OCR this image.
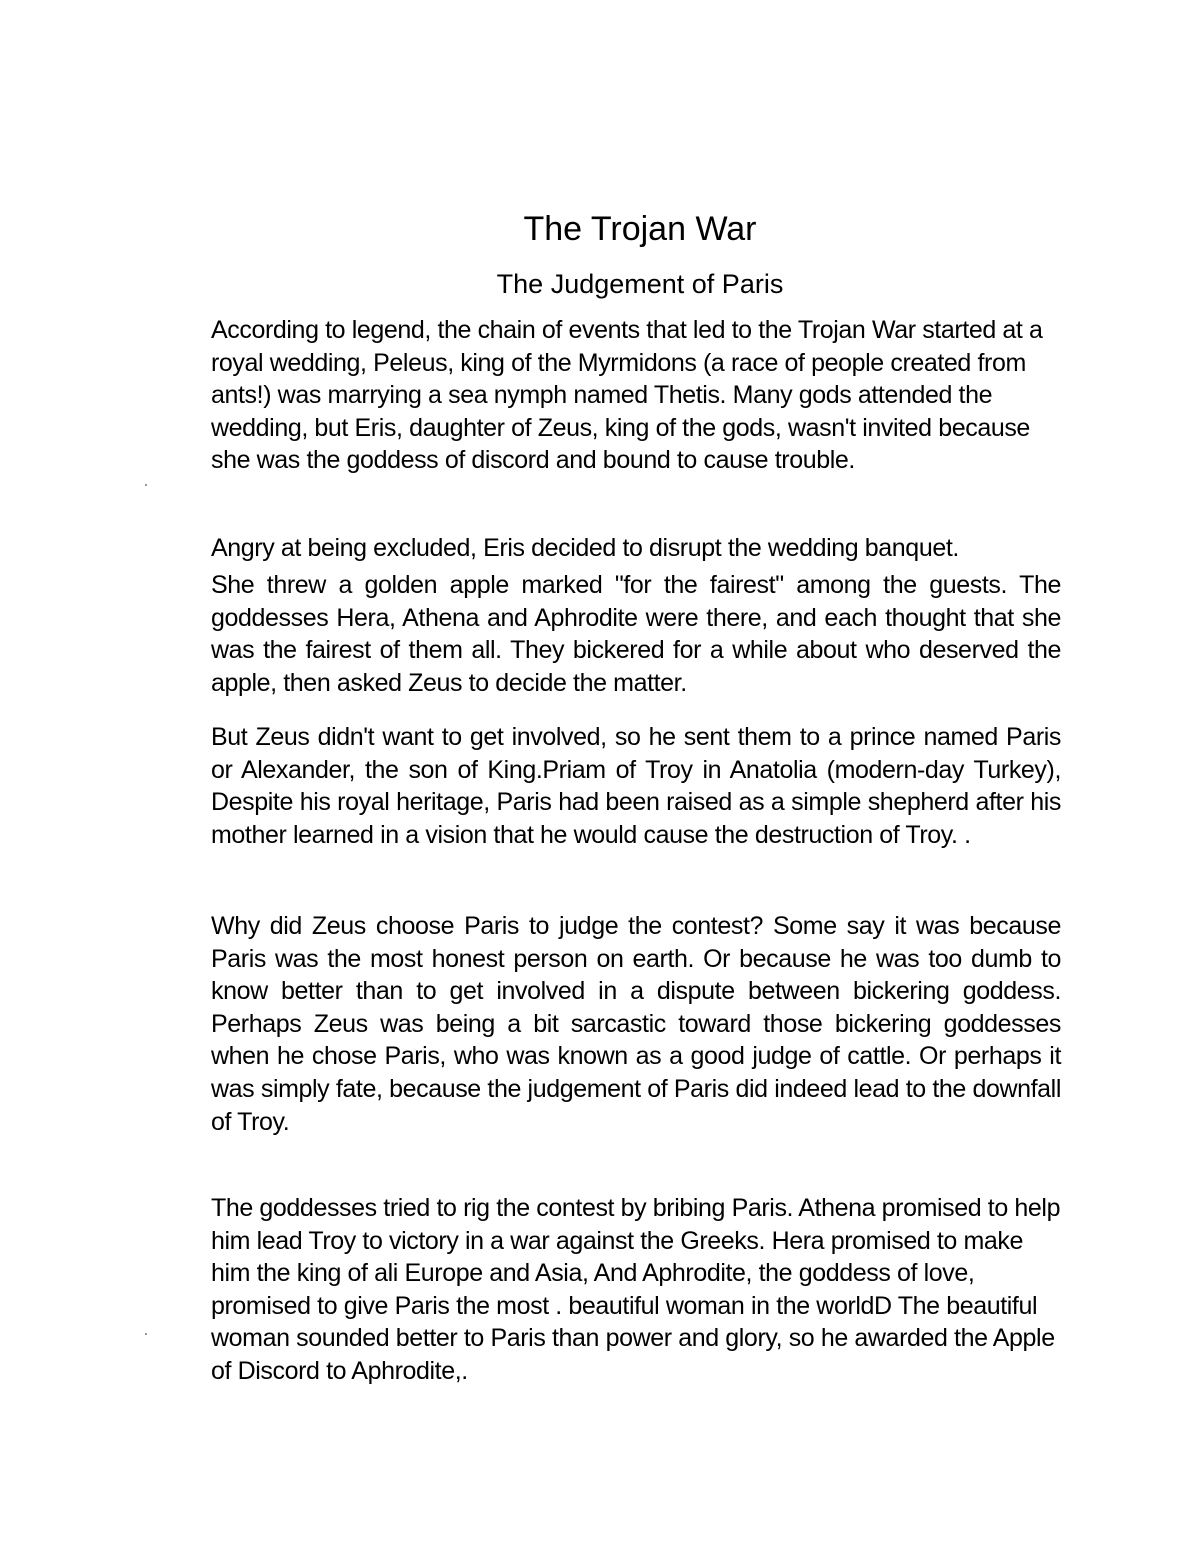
The Trojan War
The Judgement of Paris

According to legend, the chain of events that led to the Trojan War started at a royal wedding, Peleus, king of the Myrmidons (a race of people created from ants!) was marrying a sea nymph named Thetis. Many gods attended the wedding, but Eris, daughter of Zeus, king of the gods, wasn't invited because she was the goddess of discord and bound to cause trouble.

Angry at being excluded, Eris decided to disrupt the wedding banquet.

She threw a golden apple marked "for the fairest" among the guests. The goddesses Hera, Athena and Aphrodite were there, and each thought that she was the fairest of them all. They bickered for a while about who deserved the apple, then asked Zeus to decide the matter.

But Zeus didn't want to get involved, so he sent them to a prince named Paris or Alexander, the son of King.Priam of Troy in Anatolia (modern-day Turkey), Despite his royal heritage, Paris had been raised as a simple shepherd after his mother learned in a vision that he would cause the destruction of Troy. .

Why did Zeus choose Paris to judge the contest? Some say it was because Paris was the most honest person on earth. Or because he was too dumb to know better than to get involved in a dispute between bickering goddess. Perhaps Zeus was being a bit sarcastic toward those bickering goddesses when he chose Paris, who was known as a good judge of cattle. Or perhaps it was simply fate, because the judgement of Paris did indeed lead to the downfall of Troy.

The goddesses tried to rig the contest by bribing Paris. Athena promised to help him lead Troy to victory in a war against the Greeks. Hera promised to make him the king of ali Europe and Asia, And Aphrodite, the goddess of love, promised to give Paris the most . beautiful woman in the worldD The beautiful woman sounded better to Paris than power and glory, so he awarded the Apple of Discord to Aphrodite,.
